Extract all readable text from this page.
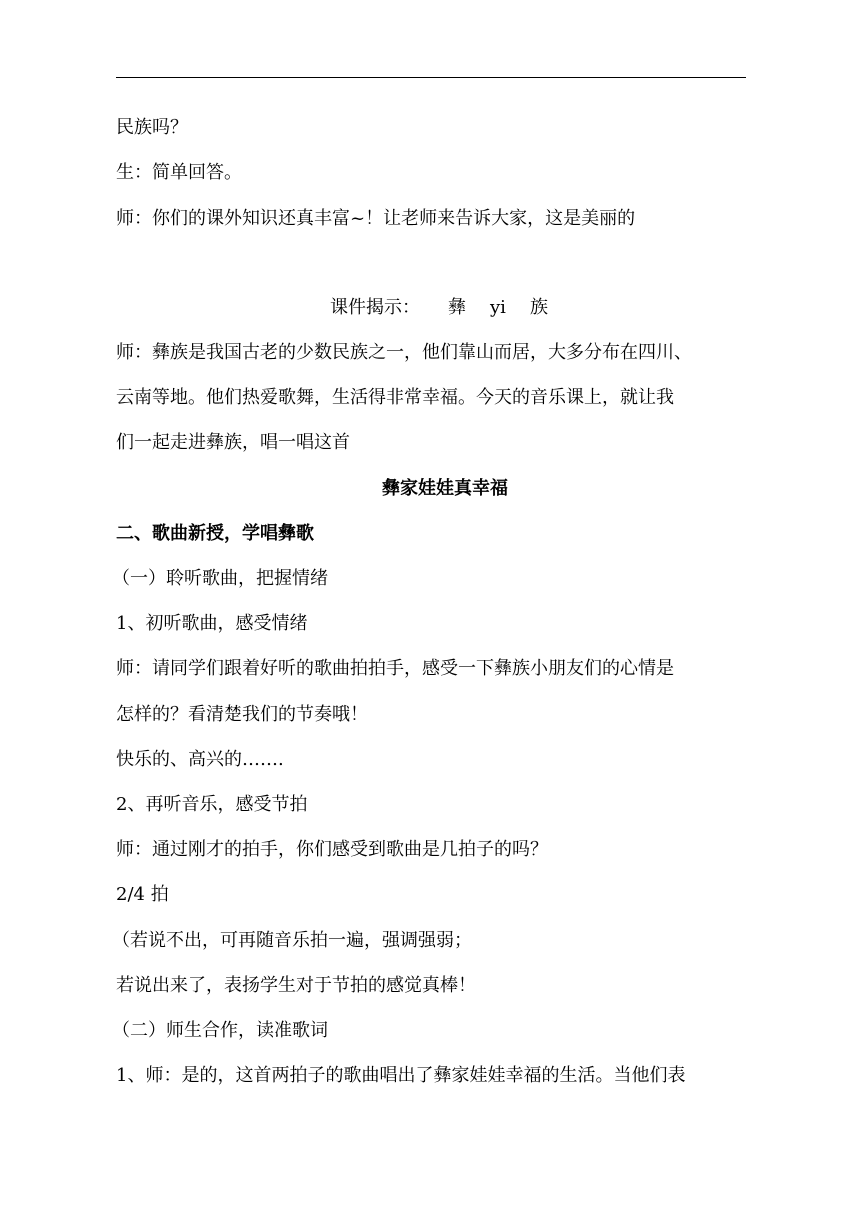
民族吗？
生：简单回答。
师：你们的课外知识还真丰富~！让老师来告诉大家，这是美丽的
课件揭示： 彝 yi 族
师：彝族是我国古老的少数民族之一，他们靠山而居，大多分布在四川、
云南等地。他们热爱歌舞，生活得非常幸福。今天的音乐课上，就让我
们一起走进彝族，唱一唱这首
彝家娃娃真幸福
二、歌曲新授，学唱彝歌
（一）聆听歌曲，把握情绪
1、初听歌曲，感受情绪
师：请同学们跟着好听的歌曲拍拍手，感受一下彝族小朋友们的心情是
怎样的？看清楚我们的节奏哦！
快乐的、高兴的…….
2、再听音乐，感受节拍
师：通过刚才的拍手，你们感受到歌曲是几拍子的吗？
2/4 拍
（若说不出，可再随音乐拍一遍，强调强弱；
若说出来了，表扬学生对于节拍的感觉真棒！
（二）师生合作，读准歌词
1、师：是的，这首两拍子的歌曲唱出了彝家娃娃幸福的生活。当他们表
